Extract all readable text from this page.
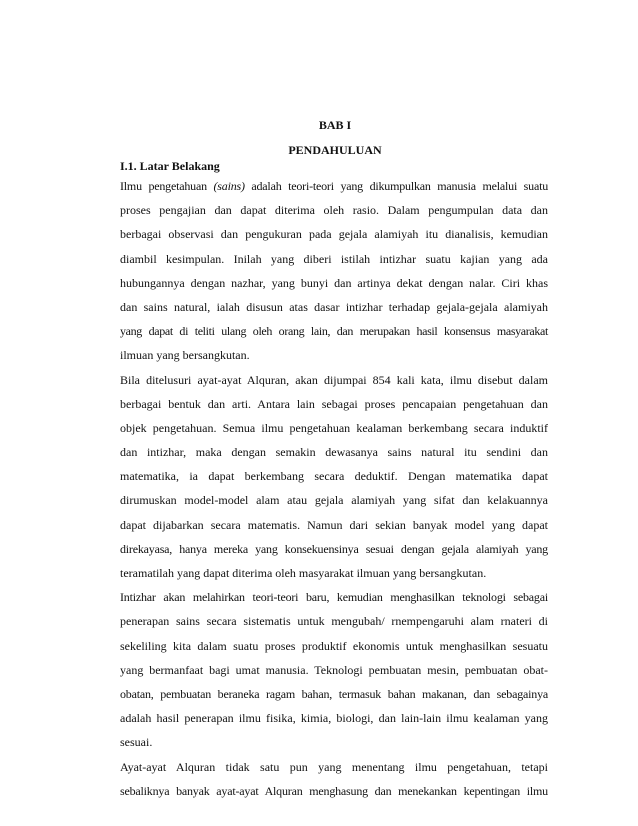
BAB I
PENDAHULUAN
I.1. Latar Belakang
Ilmu pengetahuan (sains) adalah teori-teori yang dikumpulkan manusia melalui suatu
proses pengajian dan dapat diterima oleh rasio. Dalam pengumpulan data dan
berbagai observasi dan pengukuran pada gejala alamiyah itu dianalisis, kemudian
diambil kesimpulan. Inilah yang diberi istilah intizhar suatu kajian yang ada
hubungannya dengan nazhar, yang bunyi dan artinya dekat dengan nalar. Ciri khas
dan sains natural, ialah disusun atas dasar intizhar terhadap gejala-gejala alamiyah
yang dapat di teliti ulang oleh orang lain, dan merupakan hasil konsensus masyarakat
ilmuan yang bersangkutan.
Bila ditelusuri ayat-ayat Alquran, akan dijumpai 854 kali kata, ilmu disebut dalam
berbagai bentuk dan arti. Antara lain sebagai proses pencapaian pengetahuan dan
objek pengetahuan. Semua ilmu pengetahuan kealaman berkembang secara induktif
dan intizhar, maka dengan semakin dewasanya sains natural itu sendini dan
matematika, ia dapat berkembang secara deduktif. Dengan matematika dapat
dirumuskan model-model alam atau gejala alamiyah yang sifat dan kelakuannya
dapat dijabarkan secara matematis. Namun dari sekian banyak model yang dapat
direkayasa, hanya mereka yang konsekuensinya sesuai dengan gejala alamiyah yang
teramatilah yang dapat diterima oleh masyarakat ilmuan yang bersangkutan.
Intizhar akan melahirkan teori-teori baru, kemudian menghasilkan teknologi sebagai
penerapan sains secara sistematis untuk mengubah/ rnempengaruhi alam rnateri di
sekeliling kita dalam suatu proses produktif ekonomis untuk menghasilkan sesuatu
yang bermanfaat bagi umat manusia. Teknologi pembuatan mesin, pembuatan obat-
obatan, pembuatan beraneka ragam bahan, termasuk bahan makanan, dan sebagainya
adalah hasil penerapan ilmu fisika, kimia, biologi, dan lain-lain ilmu kealaman yang
sesuai.
Ayat-ayat Alquran tidak satu pun yang menentang ilmu pengetahuan, tetapi
sebaliknya banyak ayat-ayat Alquran menghasung dan menekankan kepentingan ilmu
